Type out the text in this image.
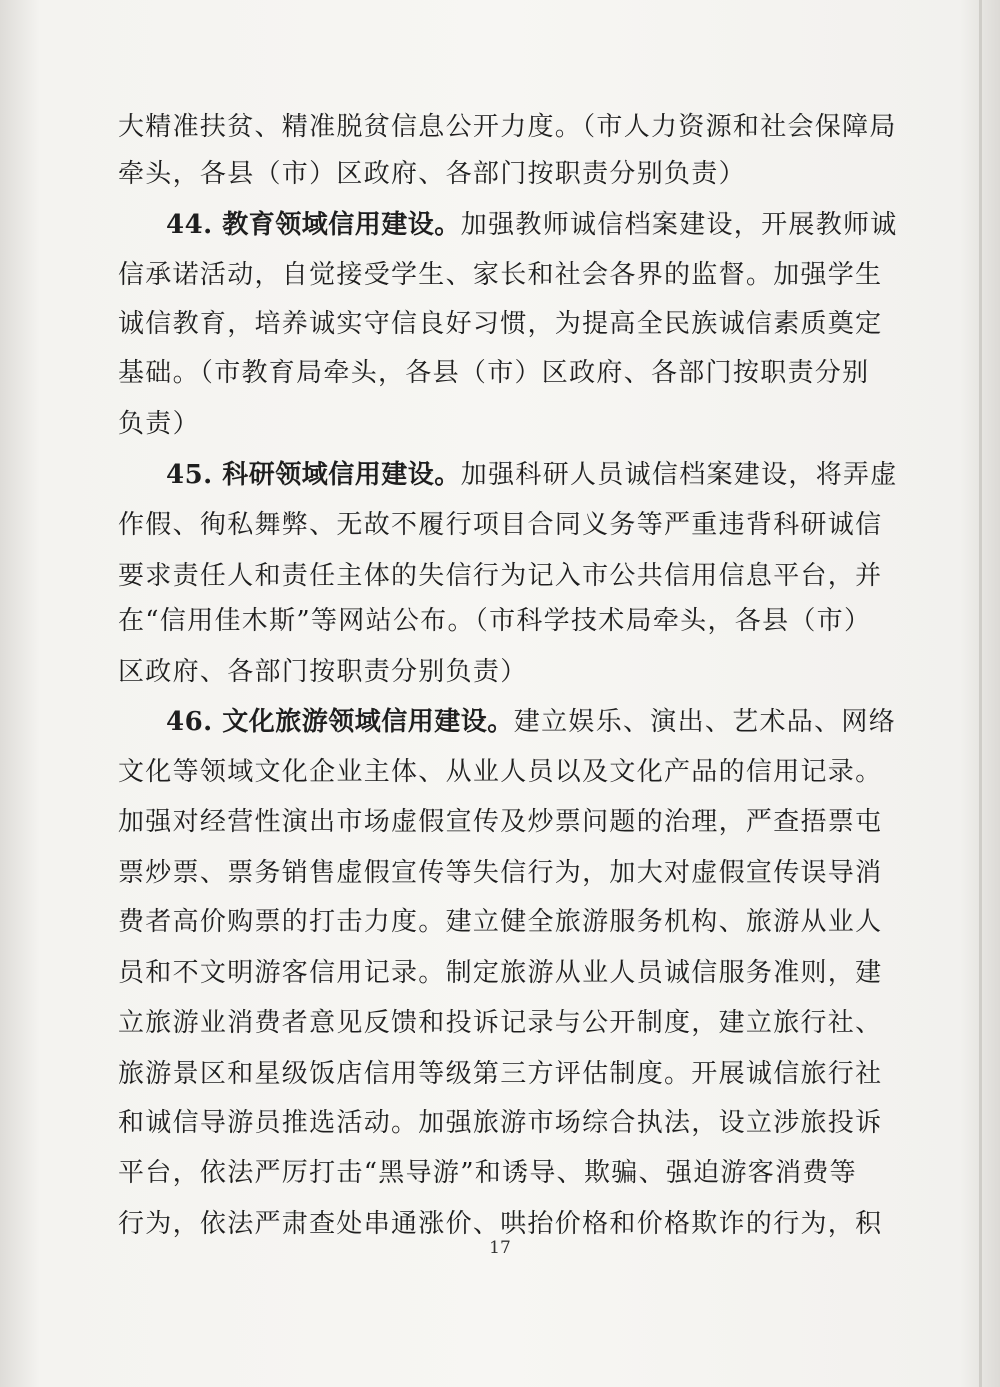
大精准扶贫、精准脱贫信息公开力度。（市人力资源和社会保障局
牵头，各县（市）区政府、各部门按职责分别负责）
44. 教育领域信用建设。加强教师诚信档案建设，开展教师诚
信承诺活动，自觉接受学生、家长和社会各界的监督。加强学生
诚信教育，培养诚实守信良好习惯，为提高全民族诚信素质奠定
基础。（市教育局牵头，各县（市）区政府、各部门按职责分别
负责）
45. 科研领域信用建设。加强科研人员诚信档案建设，将弄虚
作假、徇私舞弊、无故不履行项目合同义务等严重违背科研诚信
要求责任人和责任主体的失信行为记入市公共信用信息平台，并
在“信用佳木斯”等网站公布。（市科学技术局牵头，各县（市）
区政府、各部门按职责分别负责）
46. 文化旅游领域信用建设。建立娱乐、演出、艺术品、网络
文化等领域文化企业主体、从业人员以及文化产品的信用记录。
加强对经营性演出市场虚假宣传及炒票问题的治理，严查捂票屯
票炒票、票务销售虚假宣传等失信行为，加大对虚假宣传误导消
费者高价购票的打击力度。建立健全旅游服务机构、旅游从业人
员和不文明游客信用记录。制定旅游从业人员诚信服务准则，建
立旅游业消费者意见反馈和投诉记录与公开制度，建立旅行社、
旅游景区和星级饭店信用等级第三方评估制度。开展诚信旅行社
和诚信导游员推选活动。加强旅游市场综合执法，设立涉旅投诉
平台，依法严厉打击“黑导游”和诱导、欺骗、强迫游客消费等
行为，依法严肃查处串通涨价、哄抬价格和价格欺诈的行为，积
17
